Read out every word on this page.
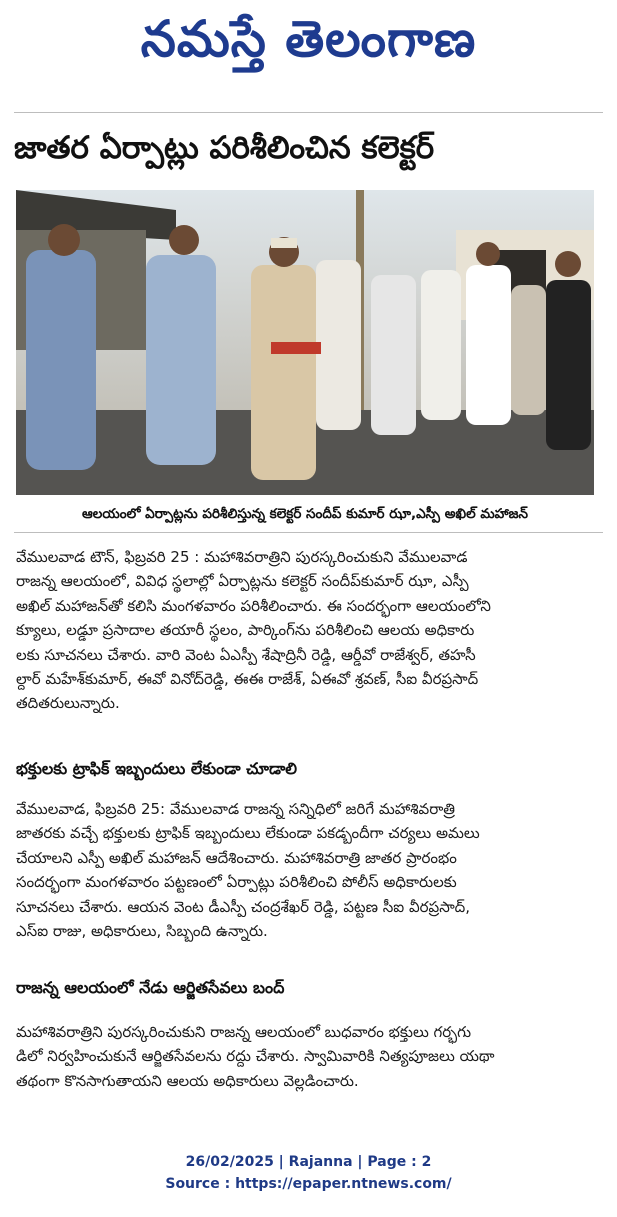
నమస్తే తెలంగాణ
జాతర ఏర్పాట్లు పరిశీలించిన కలెక్టర్
ఆలయంలో ఏర్పాట్లను పరిశీలిస్తున్న కలెక్టర్ సందీప్ కుమార్ ఝా,ఎస్పీ అఖిల్ మహాజన్
వేములవాడ టౌన్, ఫిబ్రవరి 25 : మహాశివరాత్రిని పురస్కరించుకుని వేములవాడ
రాజన్న ఆలయంలో, వివిధ స్థలాల్లో ఏర్పాట్లను కలెక్టర్ సందీప్‌కుమార్ ఝా, ఎస్పీ
అఖిల్ మహాజన్‌తో కలిసి మంగళవారం పరిశీలించారు. ఈ సందర్భంగా ఆలయంలోని
క్యూలు, లడ్డూ ప్రసాదాల తయారీ స్థలం, పార్కింగ్‌ను పరిశీలించి ఆలయ అధికారు
లకు సూచనలు చేశారు. వారి వెంట ఏఎస్పీ శేషాద్రినీ రెడ్డి, ఆర్డీవో రాజేశ్వర్, తహసీ
ల్దార్ మహేశ్‌కుమార్, ఈవో వినోద్‌రెడ్డి, ఈఈ రాజేశ్, ఏఈవో శ్రవణ్, సీఐ వీరప్రసాద్
తదితరులున్నారు.
భక్తులకు ట్రాఫిక్ ఇబ్బందులు లేకుండా చూడాలి
వేములవాడ, ఫిబ్రవరి 25: వేములవాడ రాజన్న సన్నిధిలో జరిగే మహాశివరాత్రి
జాతరకు వచ్చే భక్తులకు ట్రాఫిక్ ఇబ్బందులు లేకుండా పకడ్బందీగా చర్యలు అమలు
చేయాలని ఎస్పీ అఖిల్ మహాజన్ ఆదేశించారు. మహాశివరాత్రి జాతర ప్రారంభం
సందర్భంగా మంగళవారం పట్టణంలో ఏర్పాట్లు పరిశీలించి పోలీస్ అధికారులకు
సూచనలు చేశారు. ఆయన వెంట డీఎస్పీ చంద్రశేఖర్ రెడ్డి, పట్టణ సీఐ వీరప్రసాద్,
ఎస్ఐ రాజు, అధికారులు, సిబ్బంది ఉన్నారు.
రాజన్న ఆలయంలో నేడు ఆర్జితసేవలు బంద్
మహాశివరాత్రిని పురస్కరించుకుని రాజన్న ఆలయంలో బుధవారం భక్తులు గర్భగు
డిలో నిర్వహించుకునే ఆర్జితసేవలను రద్దు చేశారు. స్వామివారికి నిత్యపూజలు యథా
తథంగా కొనసాగుతాయని ఆలయ అధికారులు వెల్లడించారు.
26/02/2025 | Rajanna | Page : 2
Source : https://epaper.ntnews.com/
